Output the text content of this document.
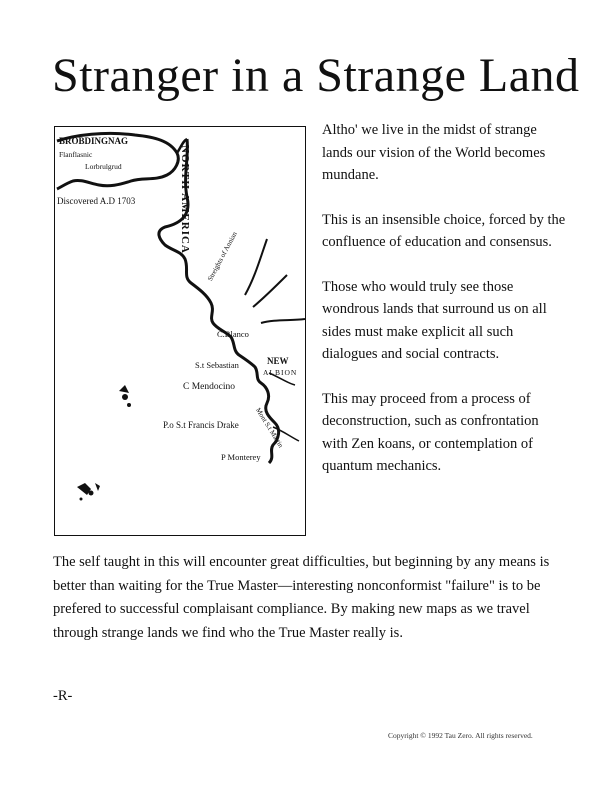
Stranger in a Strange Land
BROBDINGNAG
Flanflasnic
Lorbrulgrud
Discovered A.D 1703	NORTH AMERICA
Streights of Annian
C.Blanco
S.t Sebastian	NEW
ALBION
C Mendocino
P.o S.t Francis Drake Mont S.t Martin
P Monterey

Altho' we live in the midst of strange lands our vision of the World becomes mundane.

This is an insensible choice, forced by the confluence of education and consensus.

Those who would truly see those wondrous lands that surround us on all sides must make explicit all such dialogues and social contracts.

This may proceed from a process of deconstruction, such as confrontation with Zen koans, or contemplation of quantum mechanics.

The self taught in this will encounter great difficulties, but beginning by any means is better than waiting for the True Master—interesting nonconformist "failure" is to be prefered to successful complaisant compliance. By making new maps as we travel through strange lands we find who the True Master really is.

-R-

Copyright © 1992 Tau Zero. All rights reserved.
